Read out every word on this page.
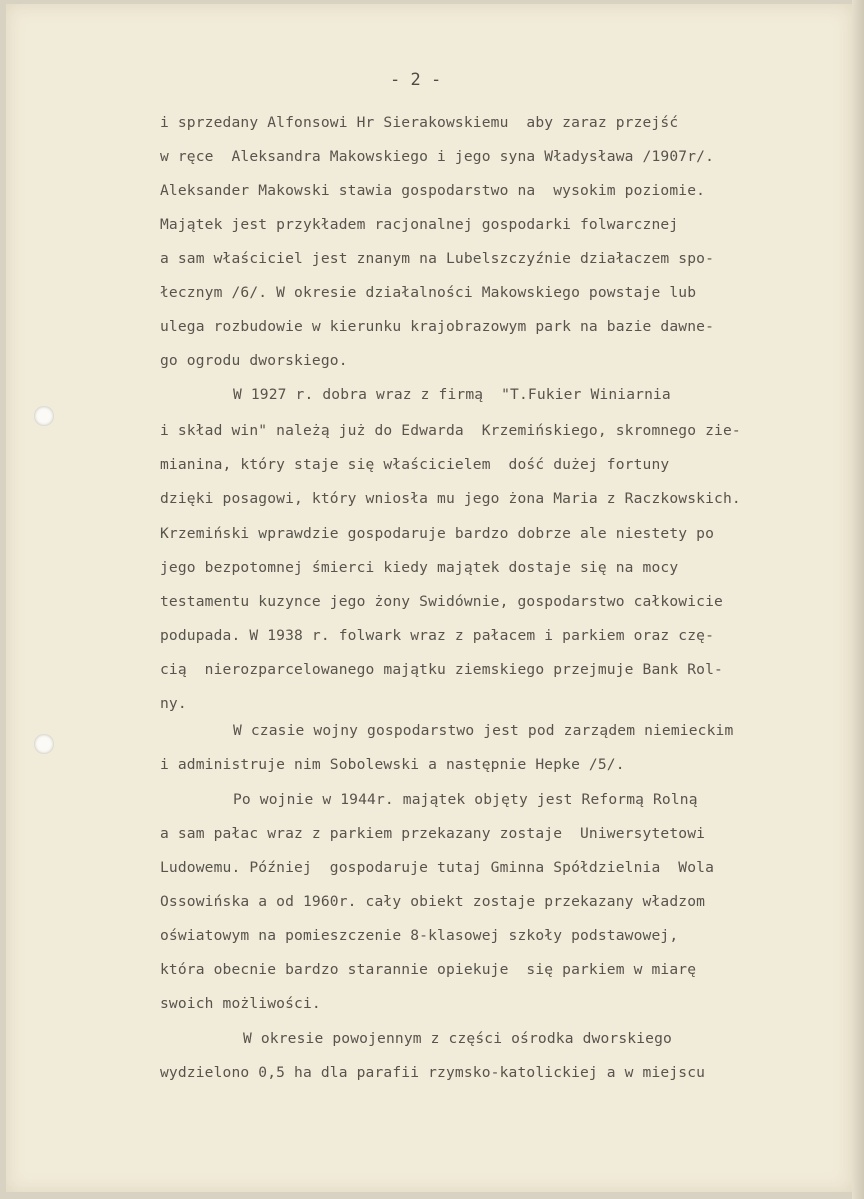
- 2 -
i sprzedany Alfonsowi Hr Sierakowskiemu  aby zaraz przejść
w ręce  Aleksandra Makowskiego i jego syna Władysława /1907r/.
Aleksander Makowski stawia gospodarstwo na  wysokim poziomie.
Majątek jest przykładem racjonalnej gospodarki folwarcznej
a sam właściciel jest znanym na Lubelszczyźnie działaczem spo-
łecznym /6/. W okresie działalności Makowskiego powstaje lub
ulega rozbudowie w kierunku krajobrazowym park na bazie dawne-
go ogrodu dworskiego.
W 1927 r. dobra wraz z firmą  "T.Fukier Winiarnia
i skład win" należą już do Edwarda  Krzemińskiego, skromnego zie-
mianina, który staje się właścicielem  dość dużej fortuny
dzięki posagowi, który wniosła mu jego żona Maria z Raczkowskich.
Krzemiński wprawdzie gospodaruje bardzo dobrze ale niestety po
jego bezpotomnej śmierci kiedy majątek dostaje się na mocy
testamentu kuzynce jego żony Swidównie, gospodarstwo całkowicie
podupada. W 1938 r. folwark wraz z pałacem i parkiem oraz czę-
cią  nierozparcelowanego majątku ziemskiego przejmuje Bank Rol-
ny.
W czasie wojny gospodarstwo jest pod zarządem niemieckim
i administruje nim Sobolewski a następnie Hepke /5/.
Po wojnie w 1944r. majątek objęty jest Reformą Rolną
a sam pałac wraz z parkiem przekazany zostaje  Uniwersytetowi
Ludowemu. Później  gospodaruje tutaj Gminna Spółdzielnia  Wola
Ossowińska a od 1960r. cały obiekt zostaje przekazany władzom
oświatowym na pomieszczenie 8-klasowej szkoły podstawowej,
która obecnie bardzo starannie opiekuje  się parkiem w miarę
swoich możliwości.
W okresie powojennym z części ośrodka dworskiego
wydzielono 0,5 ha dla parafii rzymsko-katolickiej a w miejscu
